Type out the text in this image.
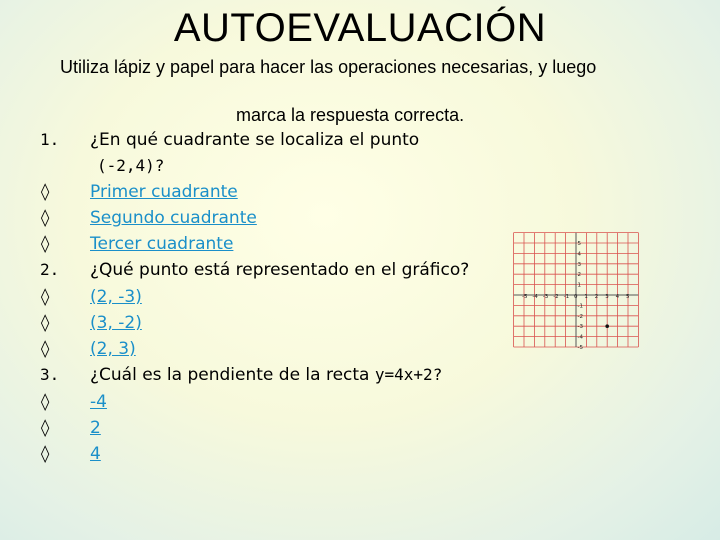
AUTOEVALUACIÓN
Utiliza lápiz y papel para hacer las operaciones necesarias, y luego
marca la respuesta correcta.
1. ¿En qué cuadrante se localiza el punto
(-2,4)?
◊ Primer cuadrante
◊ Segundo cuadrante
◊ Tercer cuadrante
2. ¿Qué punto está representado en el gráfico?
◊ (2, -3)
◊ (3, -2)
◊ (2, 3)
3. ¿Cuál es la pendiente de la recta y=4x+2?
◊ -4
◊ 2
◊ 4
-5 -4 -3 -2 -1 0 1 2 3 4 5
5
4
3
2
1
-1
-2
-3
-4
-5
